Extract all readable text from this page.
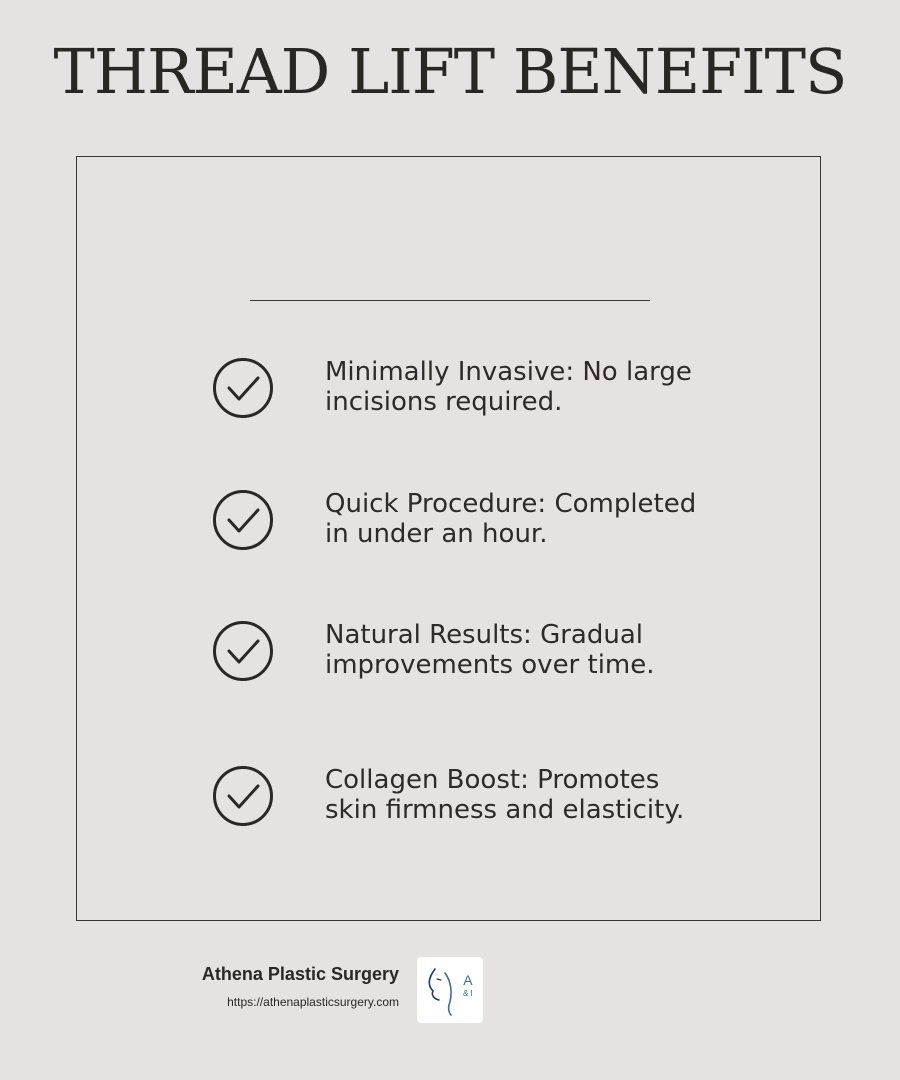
THREAD LIFT BENEFITS
Minimally Invasive: No large
incisions required.
Quick Procedure: Completed
in under an hour.
Natural Results: Gradual
improvements over time.
Collagen Boost: Promotes
skin firmness and elasticity.
Athena Plastic Surgery
https://athenaplasticsurgery.com
A
& I
